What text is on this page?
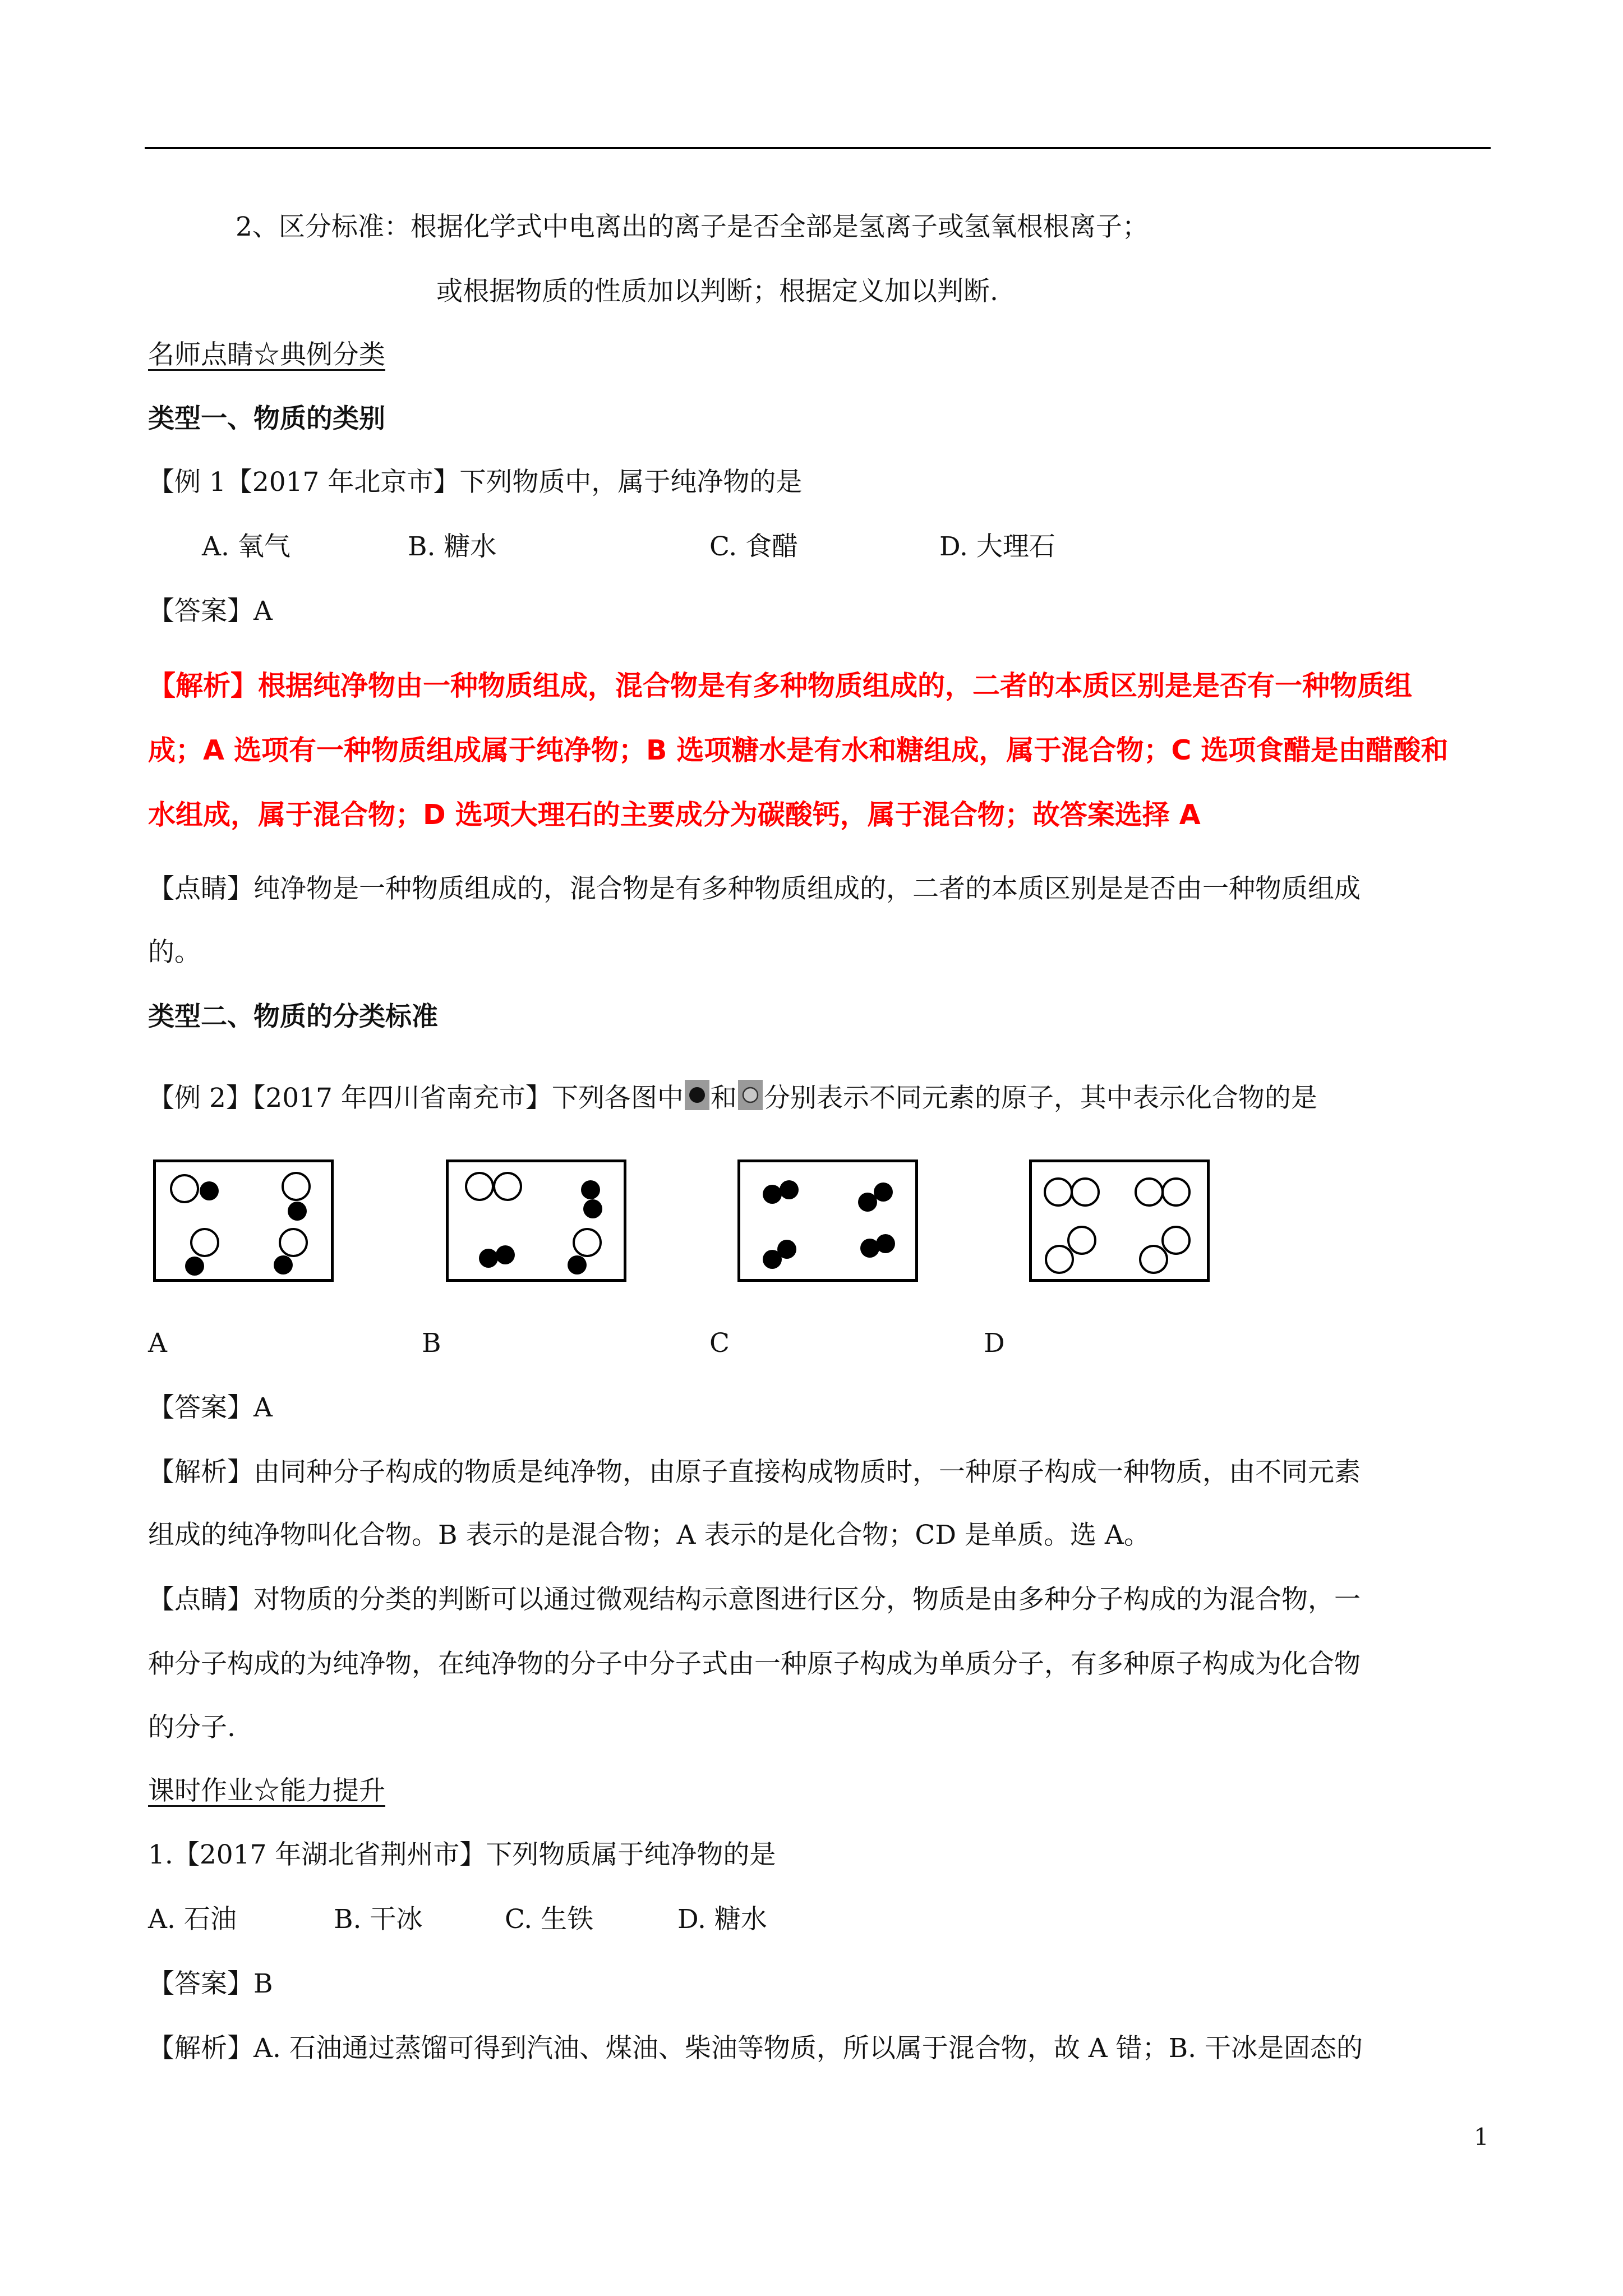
2、区分标准：根据化学式中电离出的离子是否全部是氢离子或氢氧根根离子；
或根据物质的性质加以判断；根据定义加以判断.
名师点睛☆典例分类
类型一、物质的类别
【例 1【2017 年北京市】下列物质中，属于纯净物的是
A. 氧气	B. 糖水	C. 食醋	D. 大理石
【答案】A
【解析】根据纯净物由一种物质组成，混合物是有多种物质组成的，二者的本质区别是是否有一种物质组
成；A 选项有一种物质组成属于纯净物；B 选项糖水是有水和糖组成，属于混合物；C 选项食醋是由醋酸和
水组成，属于混合物；D 选项大理石的主要成分为碳酸钙，属于混合物；故答案选择 A
【点睛】纯净物是一种物质组成的，混合物是有多种物质组成的，二者的本质区别是是否由一种物质组成
的。
类型二、物质的分类标准
【例 2】【2017 年四川省南充市】下列各图中 和 分别表示不同元素的原子，其中表示化合物的是
A	B	C	D
【答案】A
【解析】由同种分子构成的物质是纯净物，由原子直接构成物质时，一种原子构成一种物质，由不同元素
组成的纯净物叫化合物。B 表示的是混合物；A 表示的是化合物；CD 是单质。选 A。
【点睛】对物质的分类的判断可以通过微观结构示意图进行区分，物质是由多种分子构成的为混合物，一
种分子构成的为纯净物，在纯净物的分子中分子式由一种原子构成为单质分子，有多种原子构成为化合物
的分子.
课时作业☆能力提升
1.【2017 年湖北省荆州市】下列物质属于纯净物的是
A. 石油	B. 干冰	C. 生铁	D. 糖水
【答案】B
【解析】A. 石油通过蒸馏可得到汽油、煤油、柴油等物质，所以属于混合物，故 A 错；B. 干冰是固态的
1
